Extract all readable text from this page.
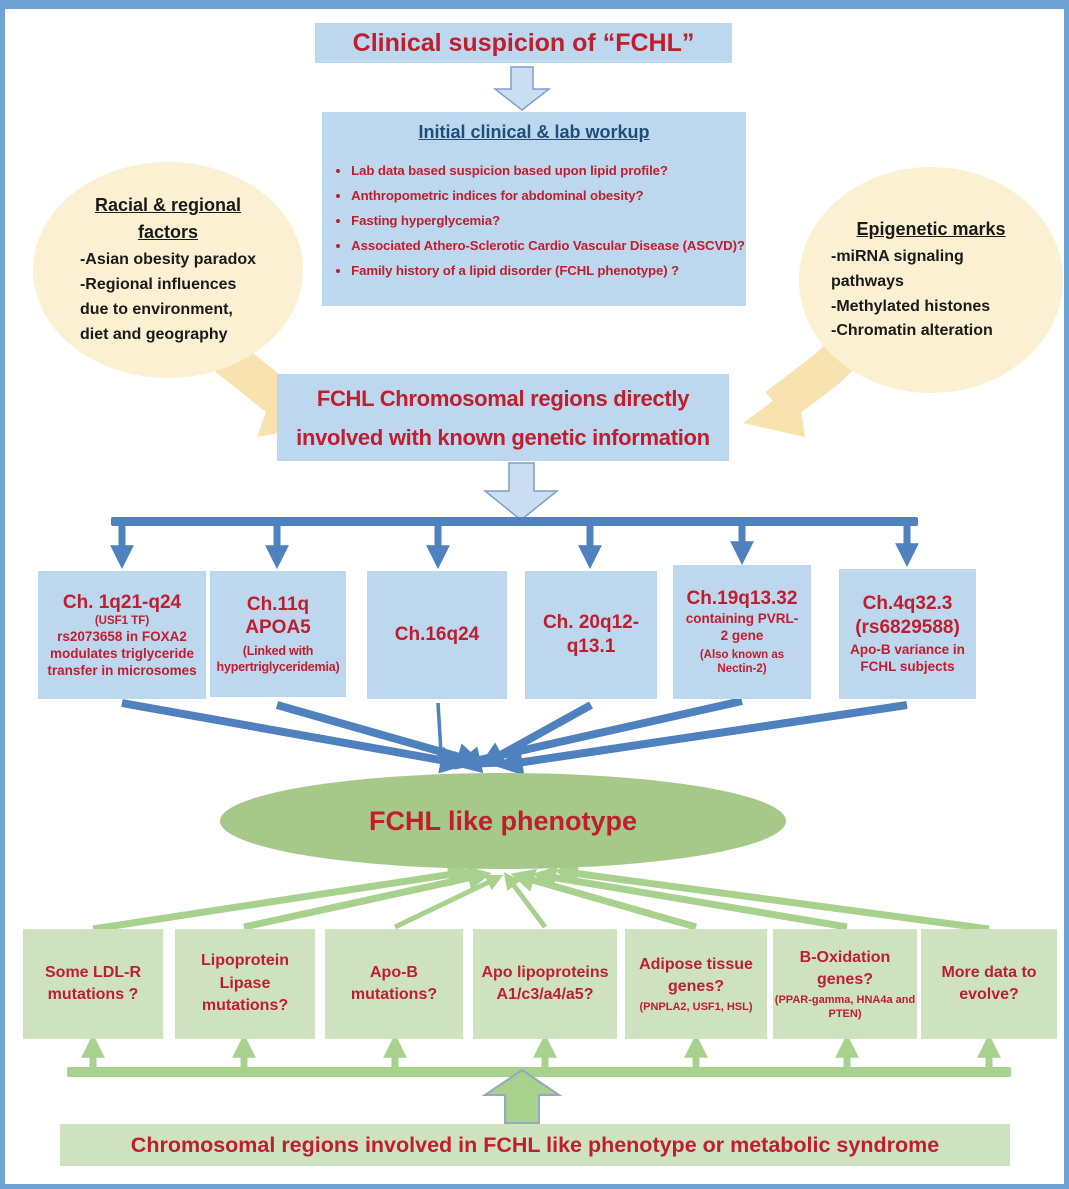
Clinical suspicion of “FCHL”
Initial clinical & lab workup
• Lab data based suspicion based upon lipid profile?
• Anthropometric indices for abdominal obesity?
• Fasting hyperglycemia?
• Associated Athero-Sclerotic Cardio Vascular Disease (ASCVD)?
• Family history of a lipid disorder (FCHL phenotype) ?
Racial & regional factors
-Asian obesity paradox
-Regional influences
due to environment,
diet and geography
Epigenetic marks
-miRNA signaling
pathways
-Methylated histones
-Chromatin alteration
FCHL Chromosomal regions directly
involved with known genetic information
Ch. 1q21-q24
(USF1 TF)
rs2073658 in FOXA2
modulates triglyceride
transfer in microsomes
Ch.11q
APOA5
(Linked with
hypertriglyceridemia)
Ch.16q24
Ch. 20q12-
q13.1
Ch.19q13.32
containing PVRL-
2 gene
(Also known as
Nectin-2)
Ch.4q32.3
(rs6829588)
Apo-B variance in
FCHL subjects
FCHL like phenotype
Some LDL-R mutations ?
Lipoprotein Lipase mutations?
Apo-B mutations?
Apo lipoproteins A1/c3/a4/a5?
Adipose tissue genes?
(PNPLA2, USF1, HSL)
B-Oxidation genes?
(PPAR-gamma, HNA4a and PTEN)
More data to evolve?
Chromosomal regions involved in FCHL like phenotype or metabolic syndrome
